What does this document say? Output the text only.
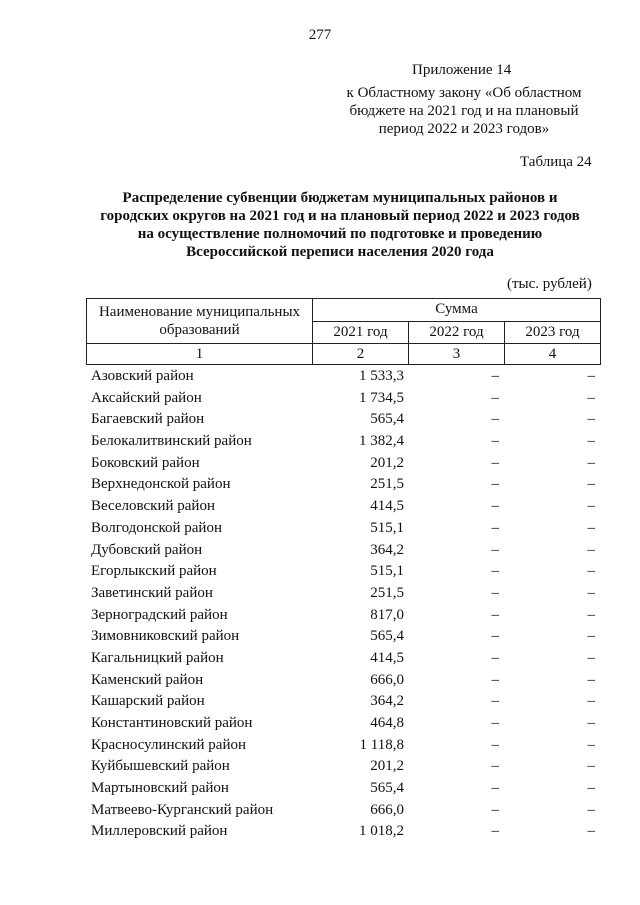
277
Приложение 14
к Областному закону «Об областном
бюджете на 2021 год и на плановый
период 2022 и 2023 годов»
Таблица 24
Распределение субвенции бюджетам муниципальных районов и
городских округов на 2021 год и на плановый период 2022 и 2023 годов
на осуществление полномочий по подготовке и проведению
Всероссийской переписи населения 2020 года
(тыс. рублей)
Наименование муниципальных образований	Сумма		
	2021 год	2022 год	2023 год
1	2	3	4
Азовский район	1 533,3	–	–
Аксайский район	1 734,5	–	–
Багаевский район	565,4	–	–
Белокалитвинский район	1 382,4	–	–
Боковский район	201,2	–	–
Верхнедонской район	251,5	–	–
Веселовский район	414,5	–	–
Волгодонской район	515,1	–	–
Дубовский район	364,2	–	–
Егорлыкский район	515,1	–	–
Заветинский район	251,5	–	–
Зерноградский район	817,0	–	–
Зимовниковский район	565,4	–	–
Кагальницкий район	414,5	–	–
Каменский район	666,0	–	–
Кашарский район	364,2	–	–
Константиновский район	464,8	–	–
Красносулинский район	1 118,8	–	–
Куйбышевский район	201,2	–	–
Мартыновский район	565,4	–	–
Матвеево-Курганский район	666,0	–	–
Миллеровский район	1 018,2	–	–
